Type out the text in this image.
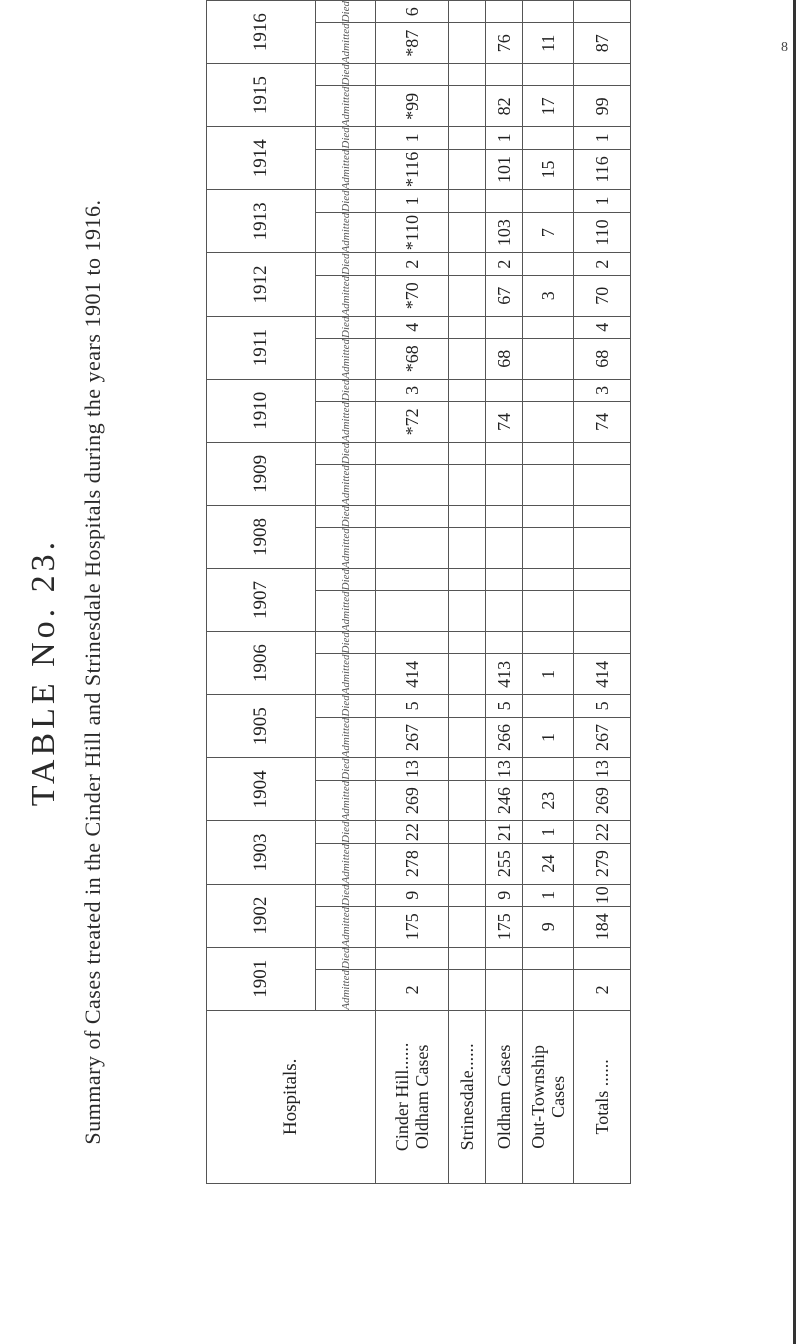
8
TABLE No. 23. Summary of Cases treated in the Cinder Hill and Strinesdale Hospitals during the years 1901 to 1916.	Hospitals.	1901		1902		1903		1904		1905		1906		1907		1908		1909		1910		1911		1912		1913		1914		1915		1916	
	Admitted	Died	Admitted	Died	Admitted	Died	Admitted	Died	Admitted	Died	Admitted	Died	Admitted	Died	Admitted	Died	Admitted	Died	Admitted	Died	Admitted	Died	Admitted	Died	Admitted	Died	Admitted	Died	Admitted	Died	Admitted	Died

Cinder Hill...... Oldham Cases	2		175	9	278	22	269	13	267	5	414								*72	3	*68	4	*70	2	*110	1	*116	1	*99		*87	6

Strinesdale......																																

Oldham Cases			175	9	255	21	246	13	266	5	413								74		68		67	2	103		101	1	82		76	

Out-Township Cases			9	1	24	1	23		1		1												3		7		15		17		11	

Totals ......	2		184	10	279	22	269	13	267	5	414								74	3	68	4	70	2	110	1	116	1	99		87	
